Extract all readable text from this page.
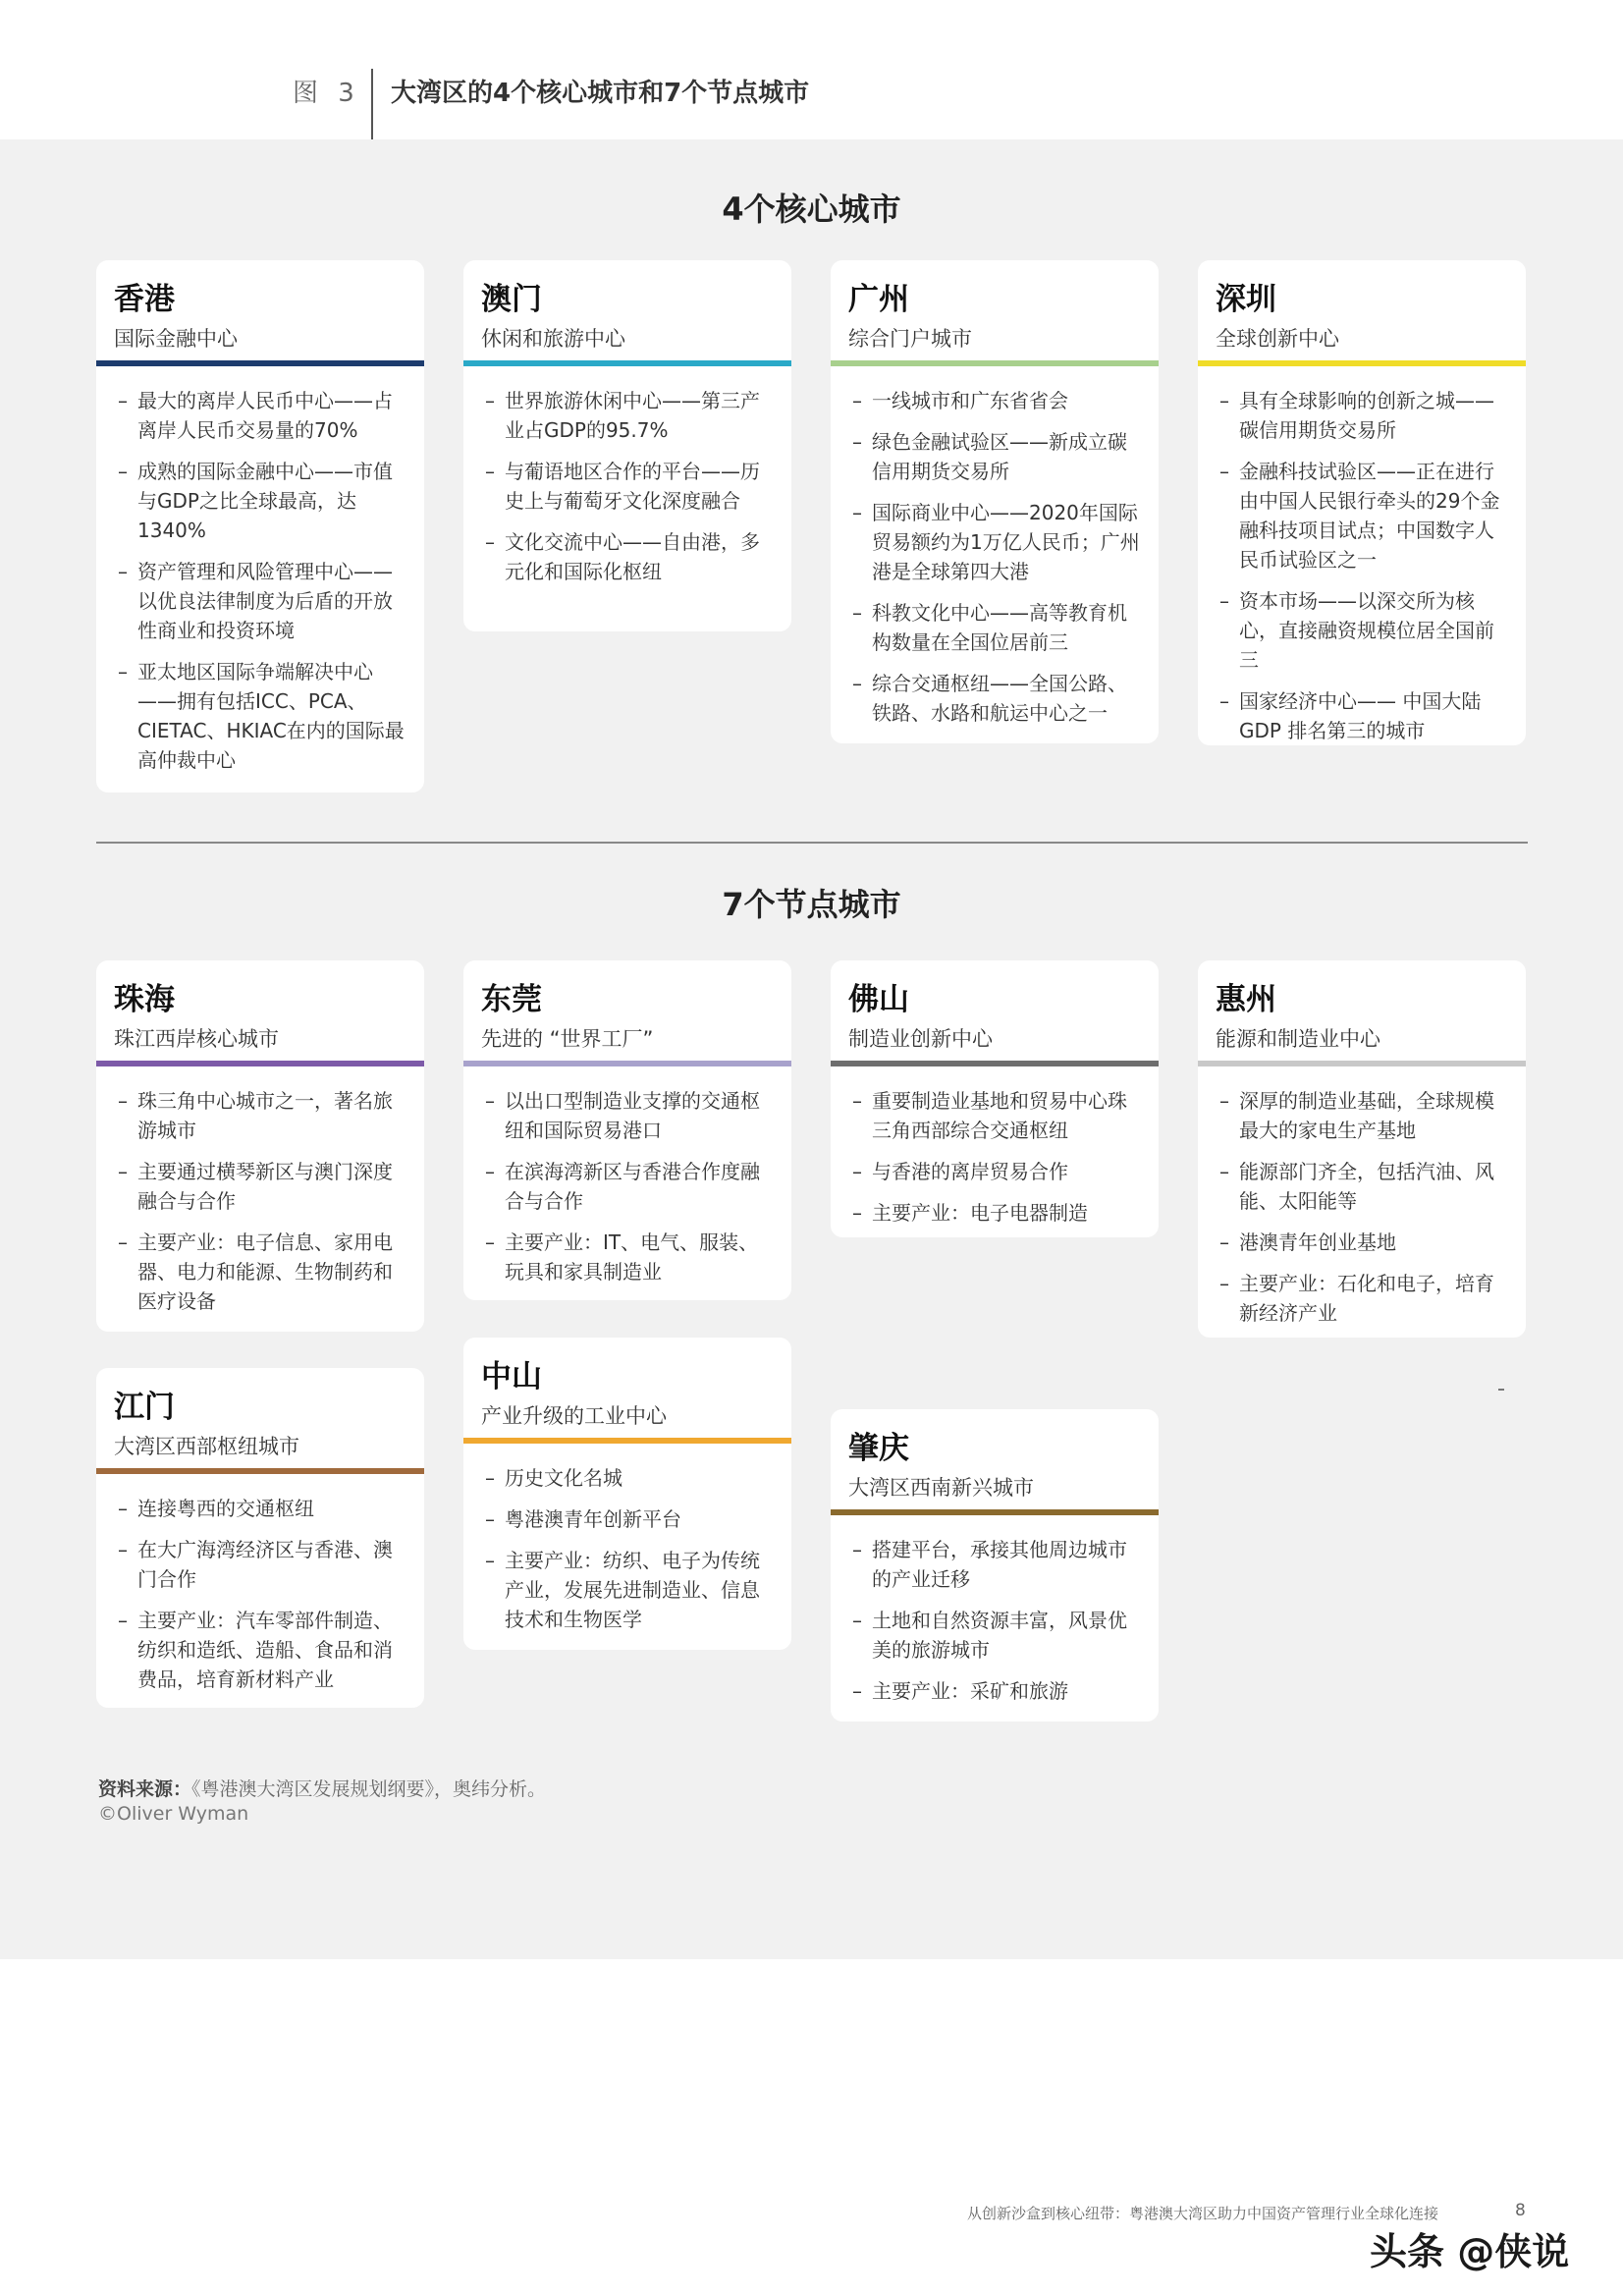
图 3 大湾区的4个核心城市和7个节点城市
4个核心城市
7个节点城市
香港
国际金融中心
– 最大的离岸人民币中心——占离岸人民币交易量的70%
– 成熟的国际金融中心——市值与GDP之比全球最高，达1340%
– 资产管理和风险管理中心——以优良法律制度为后盾的开放性商业和投资环境
– 亚太地区国际争端解决中心——拥有包括ICC、PCA、CIETAC、HKIAC在内的国际最高仲裁中心
澳门
休闲和旅游中心
– 世界旅游休闲中心——第三产业占GDP的95.7%
– 与葡语地区合作的平台——历史上与葡萄牙文化深度融合
– 文化交流中心——自由港，多元化和国际化枢纽
广州
综合门户城市
– 一线城市和广东省省会
– 绿色金融试验区——新成立碳信用期货交易所
– 国际商业中心——2020年国际贸易额约为1万亿人民币；广州港是全球第四大港
– 科教文化中心——高等教育机构数量在全国位居前三
– 综合交通枢纽——全国公路、铁路、水路和航运中心之一
深圳
全球创新中心
– 具有全球影响的创新之城——碳信用期货交易所
– 金融科技试验区——正在进行由中国人民银行牵头的29个金融科技项目试点；中国数字人民币试验区之一
– 资本市场——以深交所为核心，直接融资规模位居全国前三
– 国家经济中心—— 中国大陆GDP 排名第三的城市
珠海
珠江西岸核心城市
– 珠三角中心城市之一，著名旅游城市
– 主要通过横琴新区与澳门深度融合与合作
– 主要产业：电子信息、家用电器、电力和能源、生物制药和医疗设备
东莞
先进的 “世界工厂”
– 以出口型制造业支撑的交通枢纽和国际贸易港口
– 在滨海湾新区与香港合作度融合与合作
– 主要产业：IT、电气、服装、玩具和家具制造业
佛山
制造业创新中心
– 重要制造业基地和贸易中心珠三角西部综合交通枢纽
– 与香港的离岸贸易合作
– 主要产业：电子电器制造
惠州
能源和制造业中心
– 深厚的制造业基础，全球规模最大的家电生产基地
– 能源部门齐全，包括汽油、风能、太阳能等
– 港澳青年创业基地
– 主要产业：石化和电子，培育新经济产业
江门
大湾区西部枢纽城市
– 连接粤西的交通枢纽
– 在大广海湾经济区与香港、澳门合作
– 主要产业：汽车零部件制造、纺织和造纸、造船、食品和消费品，培育新材料产业
中山
产业升级的工业中心
– 历史文化名城
– 粤港澳青年创新平台
– 主要产业：纺织、电子为传统产业，发展先进制造业、信息技术和生物医学
肇庆
大湾区西南新兴城市
– 搭建平台，承接其他周边城市的产业迁移
– 土地和自然资源丰富，风景优美的旅游城市
– 主要产业：采矿和旅游
资料来源：《粤港澳大湾区发展规划纲要》，奥纬分析。
©Oliver Wyman
从创新沙盒到核心纽带：粤港澳大湾区助力中国资产管理行业全球化连接	8
头条 @侠说
